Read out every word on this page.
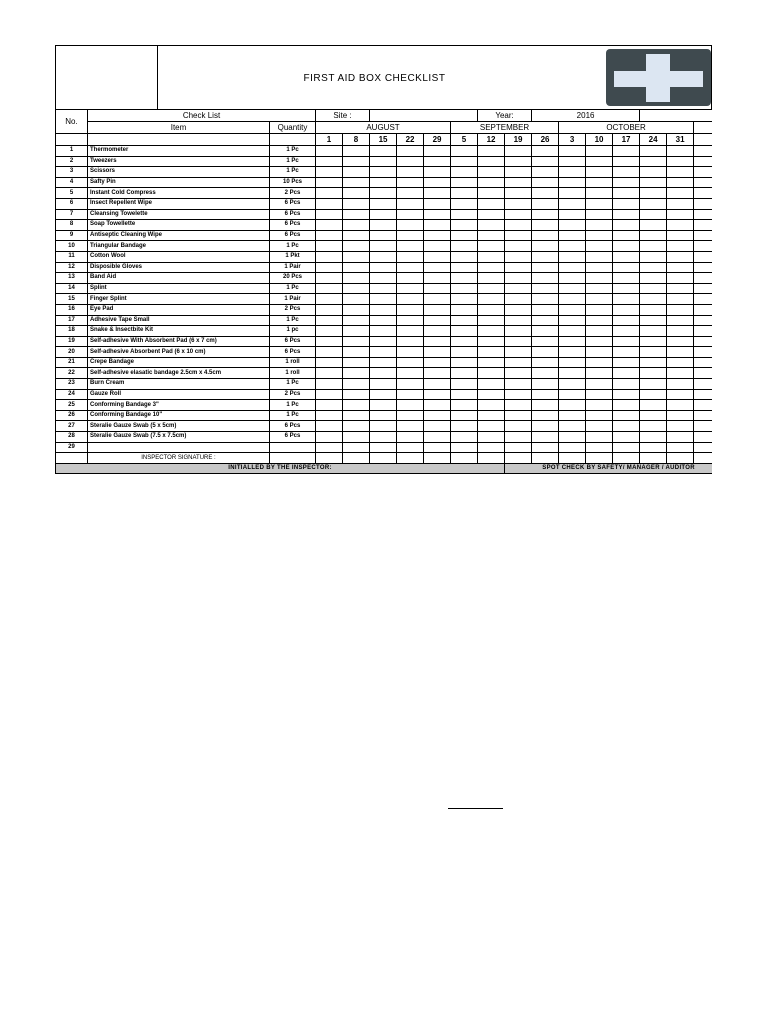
FIRST AID BOX CHECKLIST
No.	Check List		Site :						Year:		2016						
	Item	Quantity	AUGUST					SEPTEMBER				OCTOBER					
			1	8	15	22	29	5	12	19	26	3	10	17	24	31	
1	Thermometer	1 Pc															
2	Tweezers	1 Pc															
3	Scissors	1 Pc															
4	Safty Pin	10 Pcs															
5	Instant Cold Compress	2 Pcs															
6	Insect Repellent Wipe	6 Pcs															
7	Cleansing Towelette	6 Pcs															
8	Soap Towellette	6 Pcs															
9	Antiseptic Cleaning Wipe	6 Pcs															
10	Triangular Bandage	1 Pc															
11	Cotton Wool	1 Pkt															
12	Disposible Gloves	1 Pair															
13	Band Aid	20 Pcs															
14	Splint	1 Pc															
15	Finger Splint	1 Pair															
16	Eye Pad	2 Pcs															
17	Adhesive Tape Small	1 Pc															
18	Snake & Insectbite Kit	1 pc															
19	Self-adhesive With Absorbent Pad (6 x 7 cm)	6 Pcs															
20	Self-adhesive Absorbent Pad (6 x 10 cm)	6 Pcs															
21	Crepe Bandage	1 roll															
22	Self-adhesive elasatic bandage 2.5cm x 4.5cm	1 roll															
23	Burn Cream	1 Pc															
24	Gauze Roll	2 Pcs															
25	Conforming Bandage 3"	1 Pc															
26	Conforming Bandage 10"	1 Pc															
27	Steralie Gauze Swab (5 x 5cm)	6 Pcs															
28	Steralie Gauze Swab (7.5 x 7.5cm)	6 Pcs															
29																	
	INSPECTOR SIGNATURE :																
INITIALLED BY THE INSPECTOR:										SPOT CHECK BY SAFETY/ MANAGER / AUDITOR							
